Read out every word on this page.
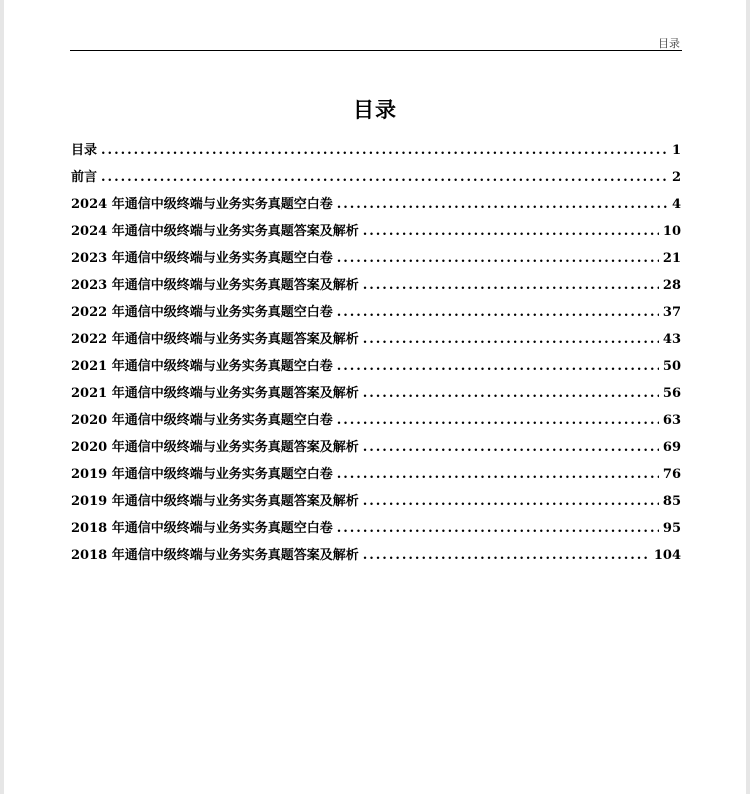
目录
目录
目录 .....	1
前言 .....	2
2024 年通信中级终端与业务实务真题空白卷 .....	4
2024 年通信中级终端与业务实务真题答案及解析 .....	10
2023 年通信中级终端与业务实务真题空白卷 .....	21
2023 年通信中级终端与业务实务真题答案及解析 .....	28
2022 年通信中级终端与业务实务真题空白卷 .....	37
2022 年通信中级终端与业务实务真题答案及解析 .....	43
2021 年通信中级终端与业务实务真题空白卷 .....	50
2021 年通信中级终端与业务实务真题答案及解析 .....	56
2020 年通信中级终端与业务实务真题空白卷 .....	63
2020 年通信中级终端与业务实务真题答案及解析 .....	69
2019 年通信中级终端与业务实务真题空白卷 .....	76
2019 年通信中级终端与业务实务真题答案及解析 .....	85
2018 年通信中级终端与业务实务真题空白卷 .....	95
2018 年通信中级终端与业务实务真题答案及解析 .....	104
